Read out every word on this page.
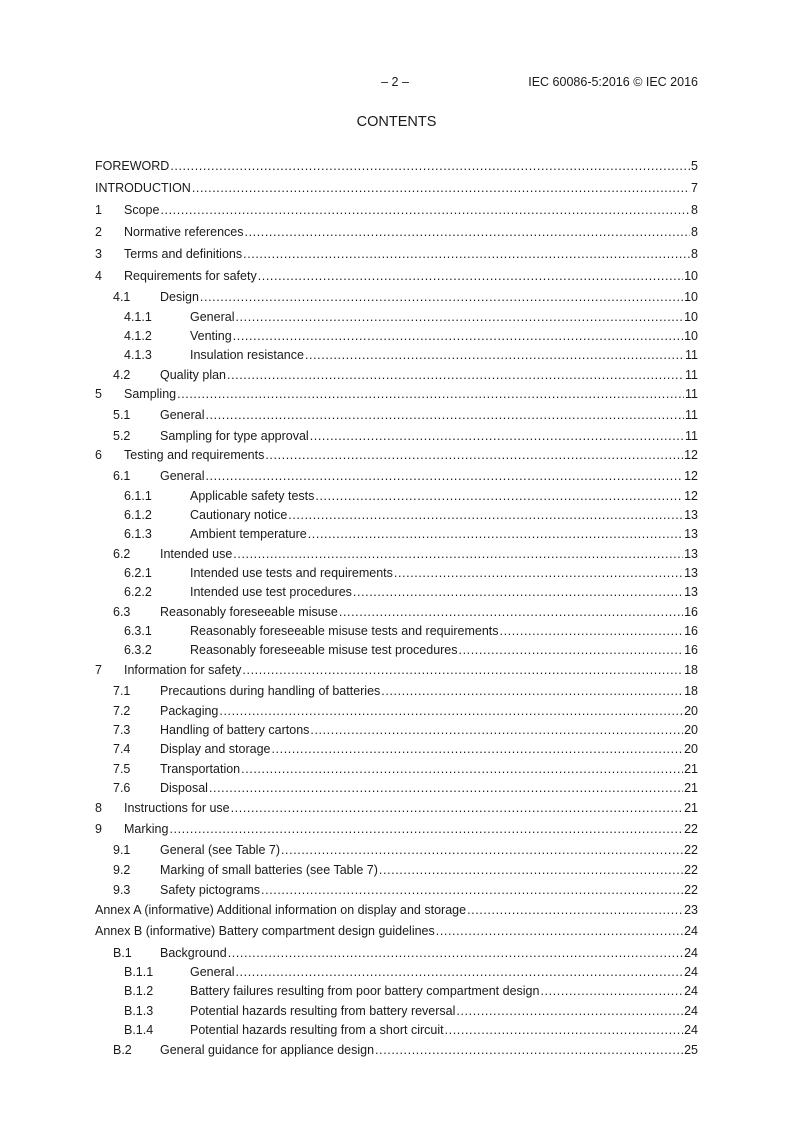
– 2 –	IEC 60086-5:2016 © IEC 2016
CONTENTS
FOREWORD .....	5
INTRODUCTION .....	7
1	Scope .....	8
2	Normative references .....	8
3	Terms and definitions .....	8
4	Requirements for safety .....	10
4.1	Design .....	10
4.1.1	General .....	10
4.1.2	Venting .....	10
4.1.3	Insulation resistance .....	11
4.2	Quality plan .....	11
5	Sampling .....	11
5.1	General .....	11
5.2	Sampling for type approval .....	11
6	Testing and requirements .....	12
6.1	General .....	12
6.1.1	Applicable safety tests .....	12
6.1.2	Cautionary notice .....	13
6.1.3	Ambient temperature .....	13
6.2	Intended use .....	13
6.2.1	Intended use tests and requirements .....	13
6.2.2	Intended use test procedures .....	13
6.3	Reasonably foreseeable misuse .....	16
6.3.1	Reasonably foreseeable misuse tests and requirements .....	16
6.3.2	Reasonably foreseeable misuse test procedures .....	16
7	Information for safety .....	18
7.1	Precautions during handling of batteries .....	18
7.2	Packaging .....	20
7.3	Handling of battery cartons .....	20
7.4	Display and storage .....	20
7.5	Transportation .....	21
7.6	Disposal .....	21
8	Instructions for use .....	21
9	Marking .....	22
9.1	General (see Table 7) .....	22
9.2	Marking of small batteries (see Table 7) .....	22
9.3	Safety pictograms .....	22
Annex A (informative) Additional information on display and storage .....	23
Annex B (informative) Battery compartment design guidelines .....	24
B.1	Background .....	24
B.1.1	General .....	24
B.1.2	Battery failures resulting from poor battery compartment design .....	24
B.1.3	Potential hazards resulting from battery reversal .....	24
B.1.4	Potential hazards resulting from a short circuit .....	24
B.2	General guidance for appliance design .....	25
